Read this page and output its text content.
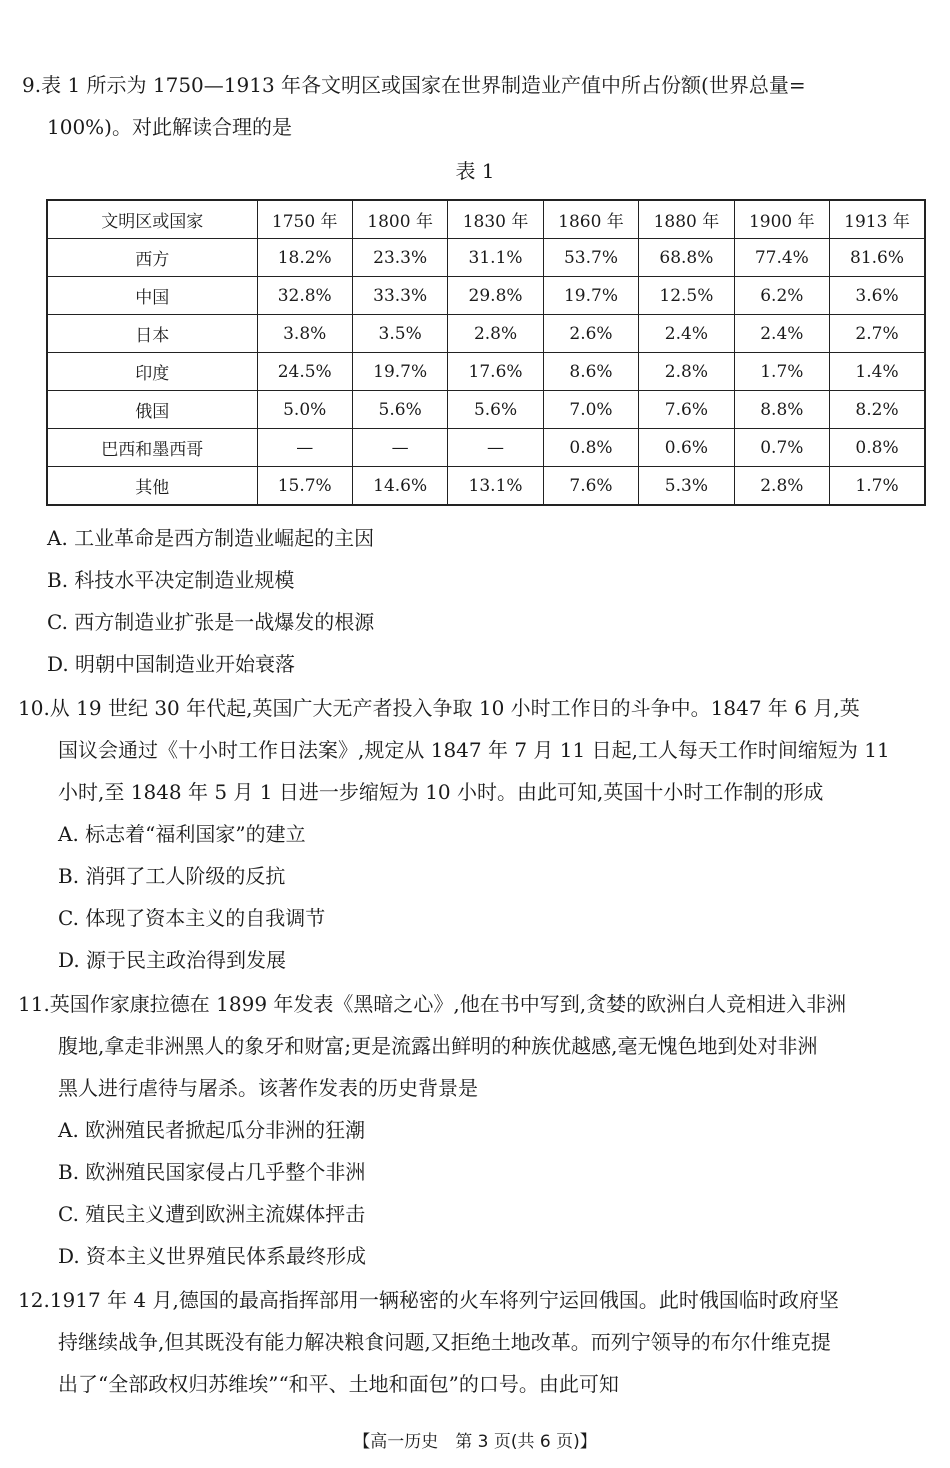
9.表 1 所示为 1750—1913 年各文明区或国家在世界制造业产值中所占份额(世界总量=
100%)。对此解读合理的是
表 1
文明区或国家	1750 年	1800 年	1830 年	1860 年	1880 年	1900 年	1913 年
西方	18.2%	23.3%	31.1%	53.7%	68.8%	77.4%	81.6%
中国	32.8%	33.3%	29.8%	19.7%	12.5%	6.2%	3.6%
日本	3.8%	3.5%	2.8%	2.6%	2.4%	2.4%	2.7%
印度	24.5%	19.7%	17.6%	8.6%	2.8%	1.7%	1.4%
俄国	5.0%	5.6%	5.6%	7.0%	7.6%	8.8%	8.2%
巴西和墨西哥	—	—	—	0.8%	0.6%	0.7%	0.8%
其他	15.7%	14.6%	13.1%	7.6%	5.3%	2.8%	1.7%
A. 工业革命是西方制造业崛起的主因
B. 科技水平决定制造业规模
C. 西方制造业扩张是一战爆发的根源
D. 明朝中国制造业开始衰落
10.从 19 世纪 30 年代起,英国广大无产者投入争取 10 小时工作日的斗争中。1847 年 6 月,英
国议会通过《十小时工作日法案》,规定从 1847 年 7 月 11 日起,工人每天工作时间缩短为 11
小时,至 1848 年 5 月 1 日进一步缩短为 10 小时。由此可知,英国十小时工作制的形成
A. 标志着“福利国家”的建立
B. 消弭了工人阶级的反抗
C. 体现了资本主义的自我调节
D. 源于民主政治得到发展
11.英国作家康拉德在 1899 年发表《黑暗之心》,他在书中写到,贪婪的欧洲白人竞相进入非洲
腹地,拿走非洲黑人的象牙和财富;更是流露出鲜明的种族优越感,毫无愧色地到处对非洲
黑人进行虐待与屠杀。该著作发表的历史背景是
A. 欧洲殖民者掀起瓜分非洲的狂潮
B. 欧洲殖民国家侵占几乎整个非洲
C. 殖民主义遭到欧洲主流媒体抨击
D. 资本主义世界殖民体系最终形成
12.1917 年 4 月,德国的最高指挥部用一辆秘密的火车将列宁运回俄国。此时俄国临时政府坚
持继续战争,但其既没有能力解决粮食问题,又拒绝土地改革。而列宁领导的布尔什维克提
出了“全部政权归苏维埃”“和平、土地和面包”的口号。由此可知
【高一历史　第 3 页(共 6 页)】
